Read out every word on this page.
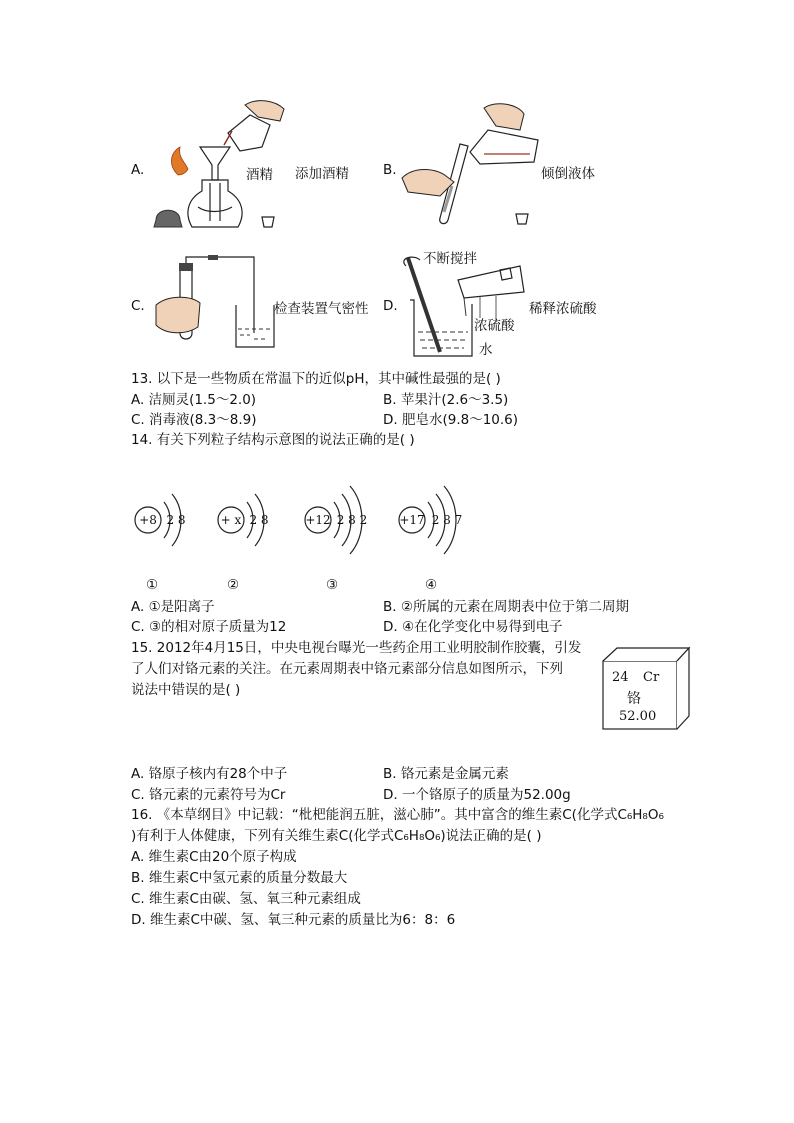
A.	酒精 添加酒精	B.	倾倒液体
C.	检查装置气密性 D.
不断搅拌
稀释浓硫酸
浓硫酸
水
13. 以下是一些物质在常温下的近似pH，其中碱性最强的是( )
A. 洁厕灵(1.5～2.0)	B. 苹果汁(2.6～3.5)
C. 消毒液(8.3～8.9)	D. 肥皂水(9.8～10.6)
14. 有关下列粒子结构示意图的说法正确的是( )
+8 2 8	+ x 2 8	+12 2 8 2	+17 2 8 7
①	②	③	④
A. ①是阳离子	B. ②所属的元素在周期表中位于第二周期
C. ③的相对原子质量为12	D. ④在化学变化中易得到电子
15. 2012年4月15日，中央电视台曝光一些药企用工业明胶制作胶囊，引发
了人们对铬元素的关注。在元素周期表中铬元素部分信息如图所示，下列
说法中错误的是( )
24 Cr
铬
52.00
A. 铬原子核内有28个中子	B. 铬元素是金属元素
C. 铬元素的元素符号为Cr	D. 一个铬原子的质量为52.00g
16. 《本草纲目》中记载：“枇杷能润五脏，滋心肺”。其中富含的维生素C(化学式C₆H₈O₆
)有利于人体健康，下列有关维生素C(化学式C₆H₈O₆)说法正确的是( )
A. 维生素C由20个原子构成
B. 维生素C中氢元素的质量分数最大
C. 维生素C由碳、氢、氧三种元素组成
D. 维生素C中碳、氢、氧三种元素的质量比为6：8：6
